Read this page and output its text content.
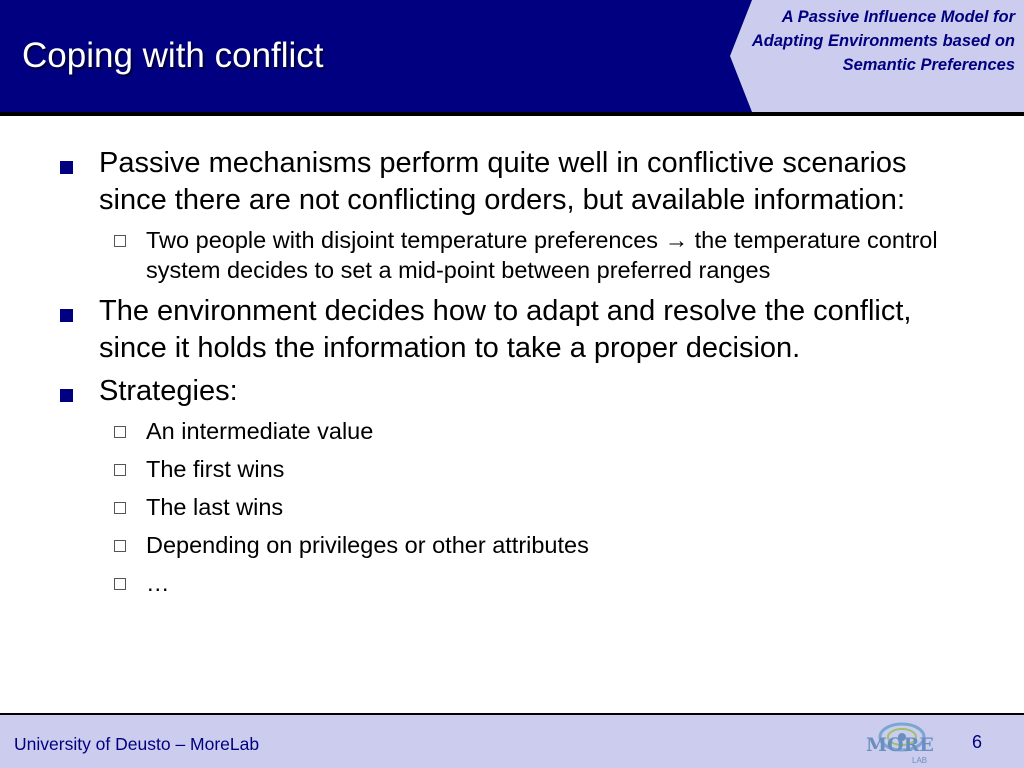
Coping with conflict
A Passive Influence Model for Adapting Environments based on Semantic Preferences
Passive mechanisms perform quite well in conflictive scenarios since there are not conflicting orders, but available information:
Two people with disjoint temperature preferences → the temperature control system decides to set a mid-point between preferred ranges
The environment decides how to adapt and resolve the conflict, since it holds the information to take a proper decision.
Strategies:
An intermediate value
The first wins
The last wins
Depending on privileges or other attributes
…
University of Deusto – MoreLab	MORE
LAB
6
